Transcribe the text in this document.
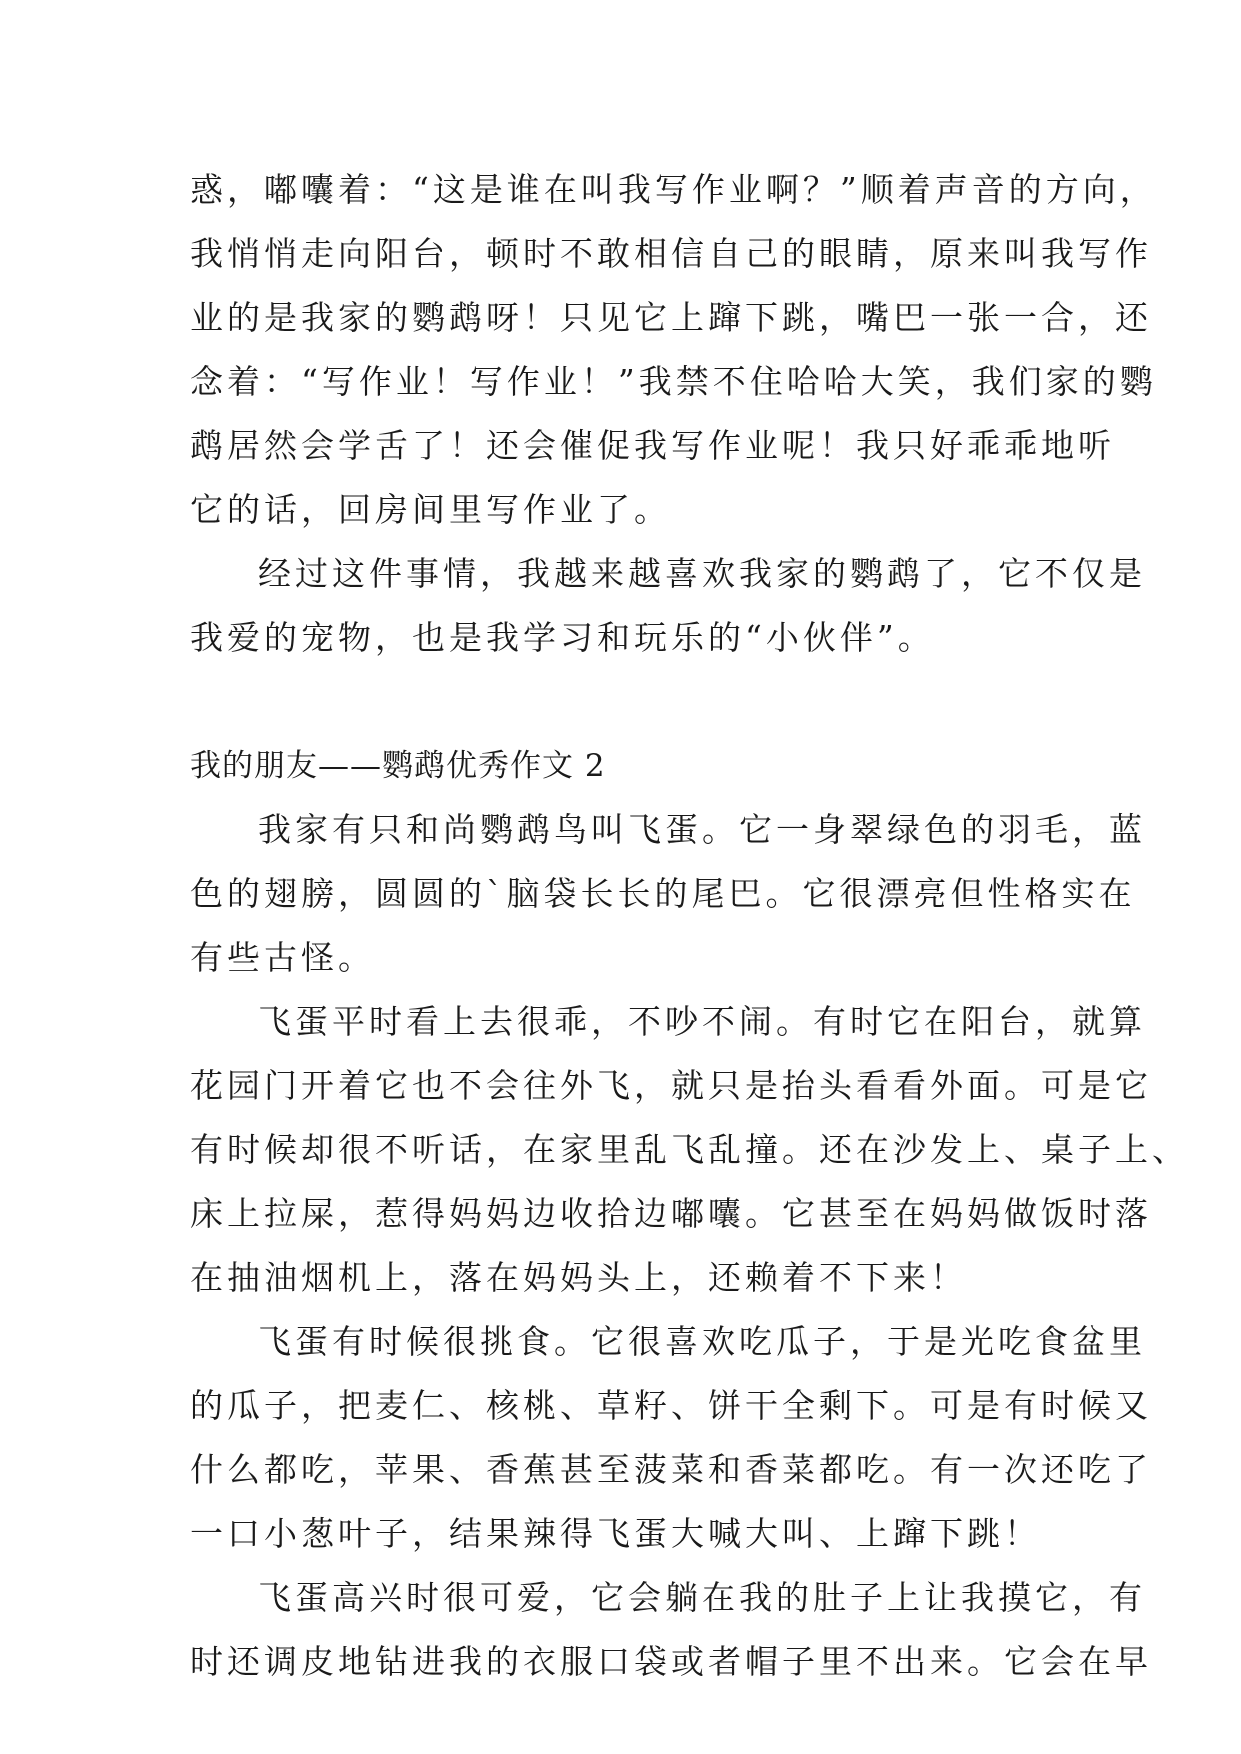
惑，嘟囔着：“这是谁在叫我写作业啊？”顺着声音的方向，
我悄悄走向阳台，顿时不敢相信自己的眼睛，原来叫我写作
业的是我家的鹦鹉呀！只见它上蹿下跳，嘴巴一张一合，还
念着：“写作业！写作业！”我禁不住哈哈大笑，我们家的鹦
鹉居然会学舌了！还会催促我写作业呢！我只好乖乖地听
它的话，回房间里写作业了。
经过这件事情，我越来越喜欢我家的鹦鹉了，它不仅是
我爱的宠物，也是我学习和玩乐的“小伙伴”。
我的朋友——鹦鹉优秀作文 2
我家有只和尚鹦鹉鸟叫飞蛋。它一身翠绿色的羽毛，蓝
色的翅膀，圆圆的`脑袋长长的尾巴。它很漂亮但性格实在
有些古怪。
飞蛋平时看上去很乖，不吵不闹。有时它在阳台，就算
花园门开着它也不会往外飞，就只是抬头看看外面。可是它
有时候却很不听话，在家里乱飞乱撞。还在沙发上、桌子上、
床上拉屎，惹得妈妈边收拾边嘟囔。它甚至在妈妈做饭时落
在抽油烟机上，落在妈妈头上，还赖着不下来！
飞蛋有时候很挑食。它很喜欢吃瓜子，于是光吃食盆里
的瓜子，把麦仁、核桃、草籽、饼干全剩下。可是有时候又
什么都吃，苹果、香蕉甚至菠菜和香菜都吃。有一次还吃了
一口小葱叶子，结果辣得飞蛋大喊大叫、上蹿下跳！
飞蛋高兴时很可爱，它会躺在我的肚子上让我摸它，有
时还调皮地钻进我的衣服口袋或者帽子里不出来。它会在早
